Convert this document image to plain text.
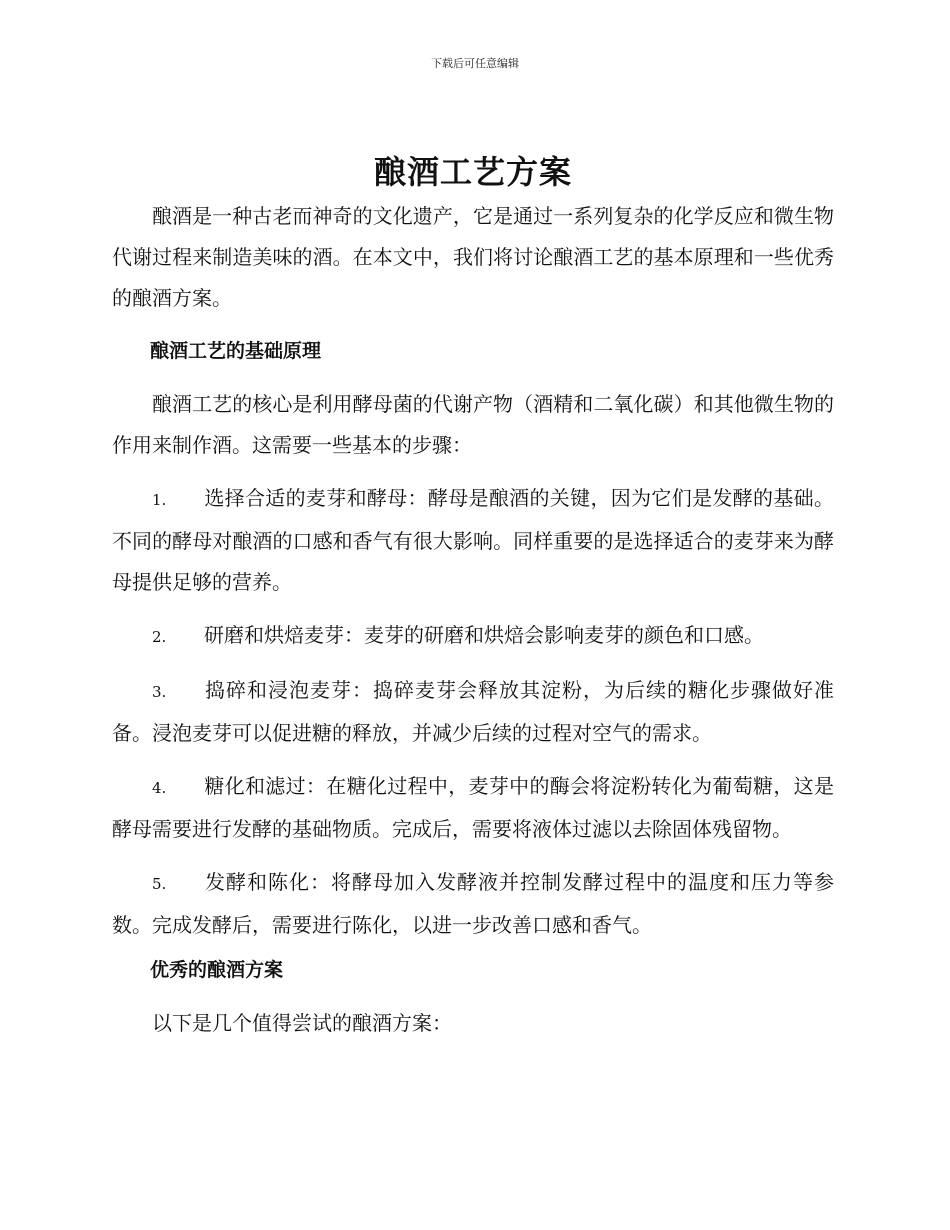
下载后可任意编辑
酿酒工艺方案

酿酒是一种古老而神奇的文化遗产，它是通过一系列复杂的化学反应和微生物代谢过程来制造美味的酒。在本文中，我们将讨论酿酒工艺的基本原理和一些优秀的酿酒方案。

酿酒工艺的基础原理

酿酒工艺的核心是利用酵母菌的代谢产物（酒精和二氧化碳）和其他微生物的作用来制作酒。这需要一些基本的步骤：

1. 选择合适的麦芽和酵母：酵母是酿酒的关键，因为它们是发酵的基础。不同的酵母对酿酒的口感和香气有很大影响。同样重要的是选择适合的麦芽来为酵母提供足够的营养。

2. 研磨和烘焙麦芽：麦芽的研磨和烘焙会影响麦芽的颜色和口感。

3. 捣碎和浸泡麦芽：捣碎麦芽会释放其淀粉，为后续的糖化步骤做好准备。浸泡麦芽可以促进糖的释放，并减少后续的过程对空气的需求。

4. 糖化和滤过：在糖化过程中，麦芽中的酶会将淀粉转化为葡萄糖，这是酵母需要进行发酵的基础物质。完成后，需要将液体过滤以去除固体残留物。

5. 发酵和陈化：将酵母加入发酵液并控制发酵过程中的温度和压力等参数。完成发酵后，需要进行陈化，以进一步改善口感和香气。

优秀的酿酒方案

以下是几个值得尝试的酿酒方案：
